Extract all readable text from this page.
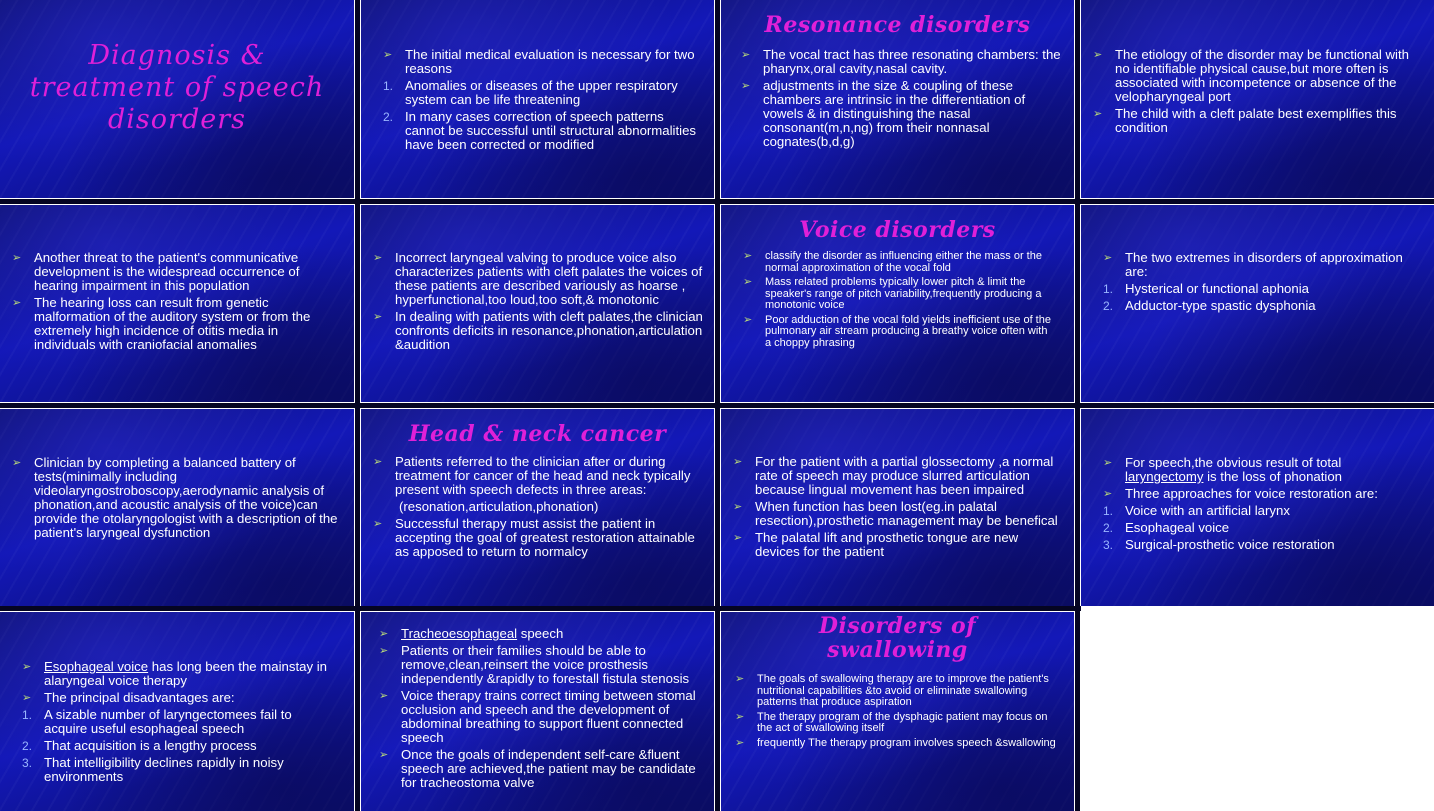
Diagnosis & treatment of speech disorders
➢ The initial medical evaluation is necessary for two reasons
1. Anomalies or diseases of the upper respiratory system can be life threatening
2. In many cases correction of speech patterns cannot be successful until structural abnormalities have been corrected or modified
Resonance disorders
➢ The vocal tract has three resonating chambers: the pharynx,oral cavity,nasal cavity.
➢ adjustments in the size & coupling of these chambers are intrinsic in the differentiation of vowels & in distinguishing the nasal consonant(m,n,ng) from their nonnasal cognates(b,d,g)
➢ The etiology of the disorder may be functional with no identifiable physical cause,but more often is associated with incompetence or absence of the velopharyngeal port
➢ The child with a cleft palate best exemplifies this condition
➢ Another threat to the patient's communicative development is the widespread occurrence of hearing impairment in this population
➢ The hearing loss can result from genetic malformation of the auditory system or from the extremely high incidence of otitis media in individuals with craniofacial anomalies
➢ Incorrect laryngeal valving to produce voice also characterizes patients with cleft palates the voices of these patients are described variously as hoarse , hyperfunctional,too loud,too soft,& monotonic
➢ In dealing with patients with cleft palates,the clinician confronts deficits in resonance,phonation,articulation &audition
Voice disorders
➢ classify the disorder as influencing either the mass or the normal approximation of the vocal fold
➢ Mass related problems typically lower pitch & limit the speaker's range of pitch variability,frequently producing a monotonic voice
➢ Poor adduction of the vocal fold yields inefficient use of the pulmonary air stream producing a breathy voice often with a choppy phrasing
➢ The two extremes in disorders of approximation are:
1. Hysterical or functional aphonia
2. Adductor-type spastic dysphonia
➢ Clinician by completing a balanced battery of tests(minimally including videolaryngostroboscopy,aerodynamic analysis of phonation,and acoustic analysis of the voice)can provide the otolaryngologist with a description of the patient's laryngeal dysfunction
Head & neck cancer
➢ Patients referred to the clinician after or during treatment for cancer of the head and neck typically present with speech defects in three areas:
(resonation,articulation,phonation)
➢ Successful therapy must assist the patient in accepting the goal of greatest restoration attainable as apposed to return to normalcy
➢ For the patient with a partial glossectomy ,a normal rate of speech may produce slurred articulation because lingual movement has been impaired
➢ When function has been lost(eg.in palatal resection),prosthetic management may be benefical
➢ The palatal lift and prosthetic tongue are new devices for the patient
➢ For speech,the obvious result of total laryngectomy is the loss of phonation
➢ Three approaches for voice restoration are:
1. Voice with an artificial larynx
2. Esophageal voice
3. Surgical-prosthetic voice restoration
➢ Esophageal voice has long been the mainstay in alaryngeal voice therapy
➢ The principal disadvantages are:
1. A sizable number of laryngectomees fail to acquire useful esophageal speech
2. That acquisition is a lengthy process
3. That intelligibility declines rapidly in noisy environments
➢ Tracheoesophageal speech
➢ Patients or their families should be able to remove,clean,reinsert the voice prosthesis independently &rapidly to forestall fistula stenosis
➢ Voice therapy trains correct timing between stomal occlusion and speech and the development of abdominal breathing to support fluent connected speech
➢ Once the goals of independent self-care &fluent speech are achieved,the patient may be candidate for tracheostoma valve
Disorders of
swallowing
➢ The goals of swallowing therapy are to improve the patient's nutritional capabilities &to avoid or eliminate swallowing patterns that produce aspiration
➢ The therapy program of the dysphagic patient may focus on the act of swallowing itself
➢ frequently The therapy program involves speech &swallowing
